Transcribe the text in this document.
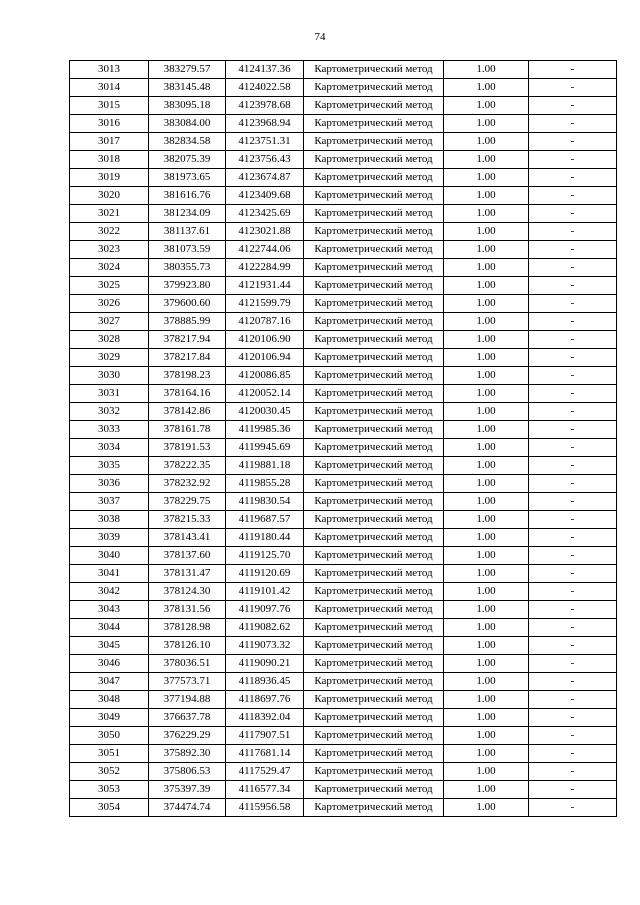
74
3013	383279.57	4124137.36	Картометрический метод	1.00	-
3014	383145.48	4124022.58	Картометрический метод	1.00	-
3015	383095.18	4123978.68	Картометрический метод	1.00	-
3016	383084.00	4123968.94	Картометрический метод	1.00	-
3017	382834.58	4123751.31	Картометрический метод	1.00	-
3018	382075.39	4123756.43	Картометрический метод	1.00	-
3019	381973.65	4123674.87	Картометрический метод	1.00	-
3020	381616.76	4123409.68	Картометрический метод	1.00	-
3021	381234.09	4123425.69	Картометрический метод	1.00	-
3022	381137.61	4123021.88	Картометрический метод	1.00	-
3023	381073.59	4122744.06	Картометрический метод	1.00	-
3024	380355.73	4122284.99	Картометрический метод	1.00	-
3025	379923.80	4121931.44	Картометрический метод	1.00	-
3026	379600.60	4121599.79	Картометрический метод	1.00	-
3027	378885.99	4120787.16	Картометрический метод	1.00	-
3028	378217.94	4120106.90	Картометрический метод	1.00	-
3029	378217.84	4120106.94	Картометрический метод	1.00	-
3030	378198.23	4120086.85	Картометрический метод	1.00	-
3031	378164.16	4120052.14	Картометрический метод	1.00	-
3032	378142.86	4120030.45	Картометрический метод	1.00	-
3033	378161.78	4119985.36	Картометрический метод	1.00	-
3034	378191.53	4119945.69	Картометрический метод	1.00	-
3035	378222.35	4119881.18	Картометрический метод	1.00	-
3036	378232.92	4119855.28	Картометрический метод	1.00	-
3037	378229.75	4119830.54	Картометрический метод	1.00	-
3038	378215.33	4119687.57	Картометрический метод	1.00	-
3039	378143.41	4119180.44	Картометрический метод	1.00	-
3040	378137.60	4119125.70	Картометрический метод	1.00	-
3041	378131.47	4119120.69	Картометрический метод	1.00	-
3042	378124.30	4119101.42	Картометрический метод	1.00	-
3043	378131.56	4119097.76	Картометрический метод	1.00	-
3044	378128.98	4119082.62	Картометрический метод	1.00	-
3045	378126.10	4119073.32	Картометрический метод	1.00	-
3046	378036.51	4119090.21	Картометрический метод	1.00	-
3047	377573.71	4118936.45	Картометрический метод	1.00	-
3048	377194.88	4118697.76	Картометрический метод	1.00	-
3049	376637.78	4118392.04	Картометрический метод	1.00	-
3050	376229.29	4117907.51	Картометрический метод	1.00	-
3051	375892.30	4117681.14	Картометрический метод	1.00	-
3052	375806.53	4117529.47	Картометрический метод	1.00	-
3053	375397.39	4116577.34	Картометрический метод	1.00	-
3054	374474.74	4115956.58	Картометрический метод	1.00	-
